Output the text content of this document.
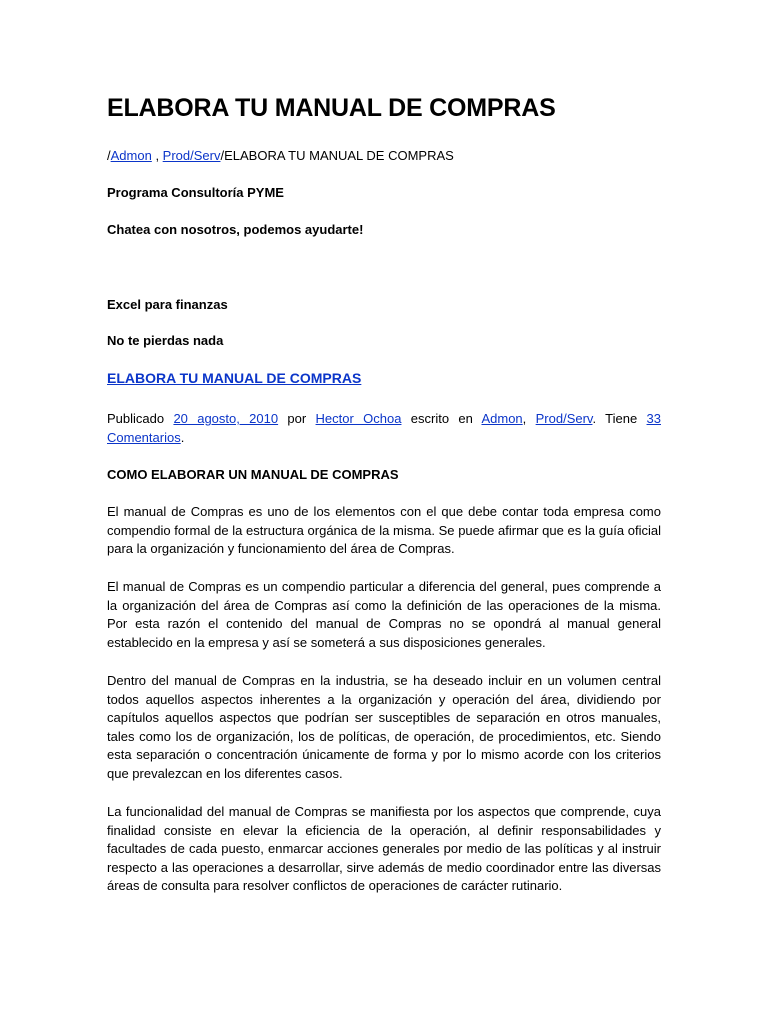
ELABORA TU MANUAL DE COMPRAS

/Admon , Prod/Serv/ELABORA TU MANUAL DE COMPRAS

Programa Consultoría PYME

Chatea con nosotros, podemos ayudarte!

Excel para finanzas

No te pierdas nada

ELABORA TU MANUAL DE COMPRAS

Publicado 20 agosto, 2010 por Hector Ochoa escrito en Admon, Prod/Serv. Tiene 33 Comentarios.

COMO ELABORAR UN MANUAL DE COMPRAS

El manual de Compras es uno de los elementos con el que debe contar toda empresa como compendio formal de la estructura orgánica de la misma. Se puede afirmar que es la guía oficial para la organización y funcionamiento del área de Compras.

El manual de Compras es un compendio particular a diferencia del general, pues comprende a la organización del área de Compras así como la definición de las operaciones de la misma. Por esta razón el contenido del manual de Compras no se opondrá al manual general establecido en la empresa y así se someterá a sus disposiciones generales.

Dentro del manual de Compras en la industria, se ha deseado incluir en un volumen central todos aquellos aspectos inherentes a la organización y operación del área, dividiendo por capítulos aquellos aspectos que podrían ser susceptibles de separación en otros manuales, tales como los de organización, los de políticas, de operación, de procedimientos, etc. Siendo esta separación o concentración únicamente de forma y por lo mismo acorde con los criterios que prevalezcan en los diferentes casos.

La funcionalidad del manual de Compras se manifiesta por los aspectos que comprende, cuya finalidad consiste en elevar la eficiencia de la operación, al definir responsabilidades y facultades de cada puesto, enmarcar acciones generales por medio de las políticas y al instruir respecto a las operaciones a desarrollar, sirve además de medio coordinador entre las diversas áreas de consulta para resolver conflictos de operaciones de carácter rutinario.
